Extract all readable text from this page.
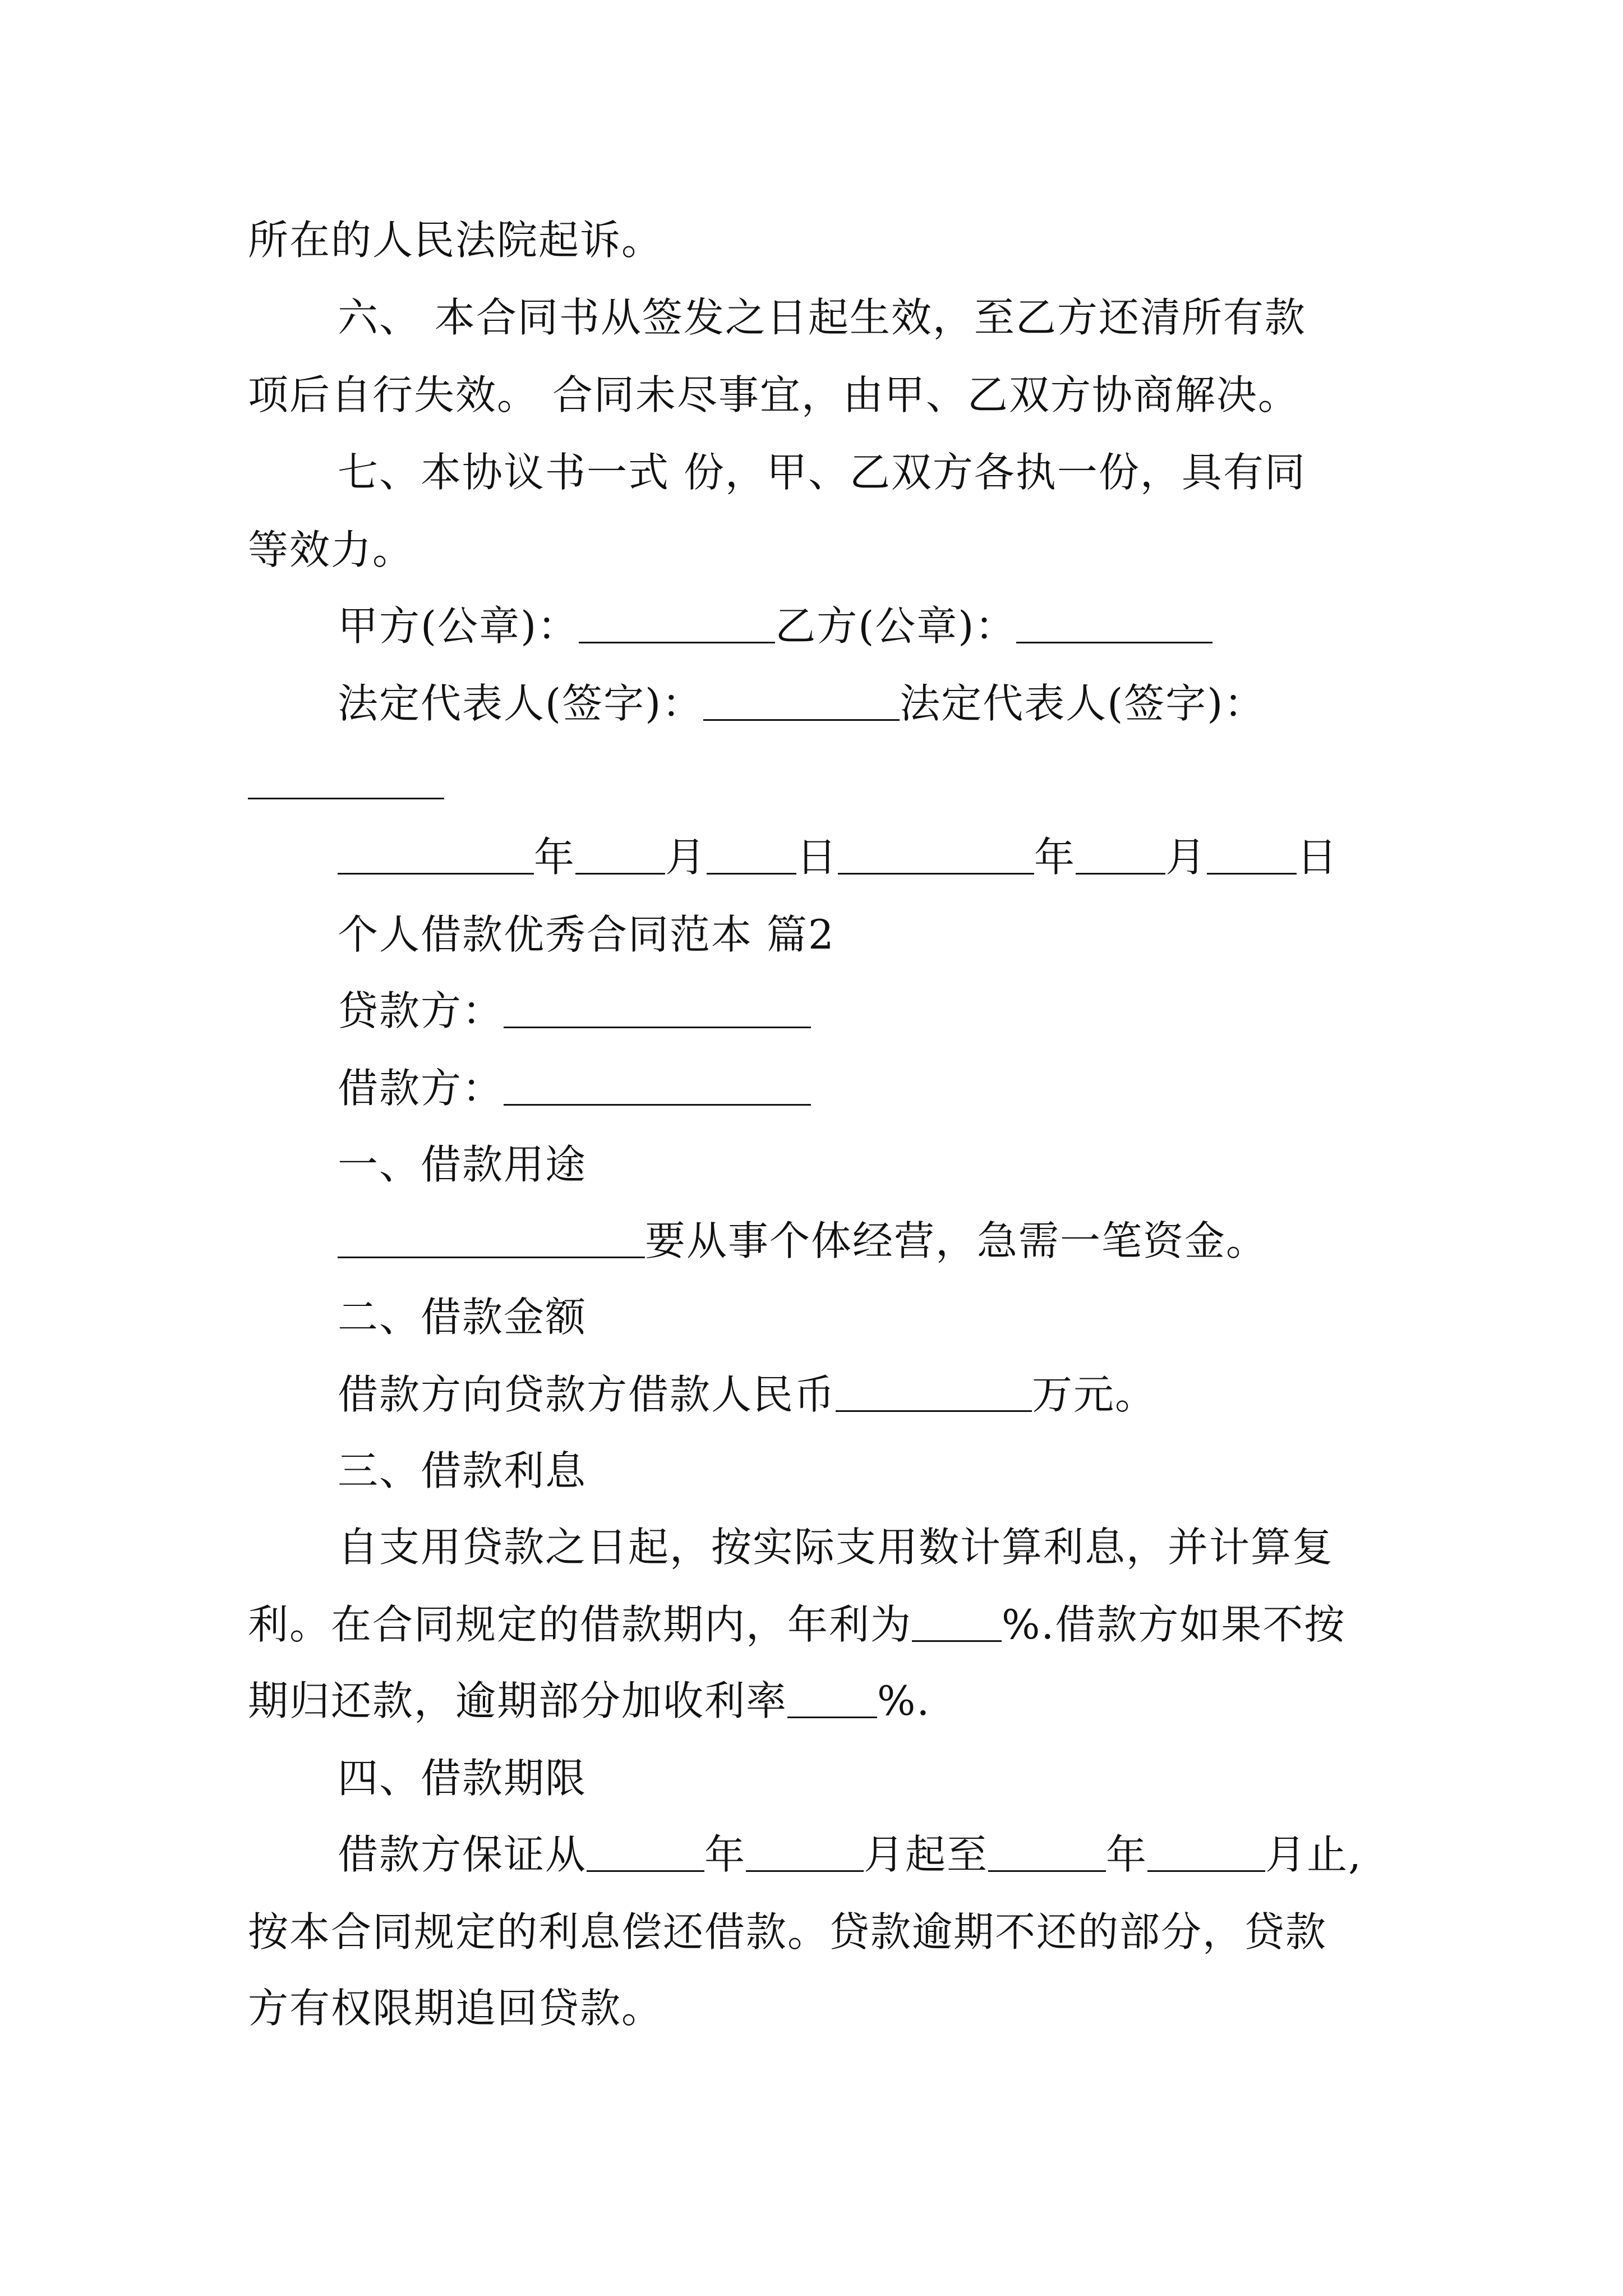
所在的人民法院起诉。

六、 本合同书从签发之日起生效，至乙方还清所有款

项后自行失效。 合同未尽事宜，由甲、乙双方协商解决。

七、本协议书一式 份，甲、乙双方各执一份，具有同

等效力。

甲方(公章)：	乙方(公章)：

法定代表人(签字)：	法定代表人(签字)：

年 月 日	年 月 日

个人借款优秀合同范本 篇2

贷款方：

借款方：

一、借款用途

要从事个体经营，急需一笔资金。

二、借款金额

借款方向贷款方借款人民币	万元。

三、借款利息

自支用贷款之日起，按实际支用数计算利息，并计算复

利。在合同规定的借款期内，年利为 %.借款方如果不按

期归还款，逾期部分加收利率 %.

四、借款期限

借款方保证从	年	月起至	年	月止,

按本合同规定的利息偿还借款。贷款逾期不还的部分，贷款

方有权限期追回贷款。
